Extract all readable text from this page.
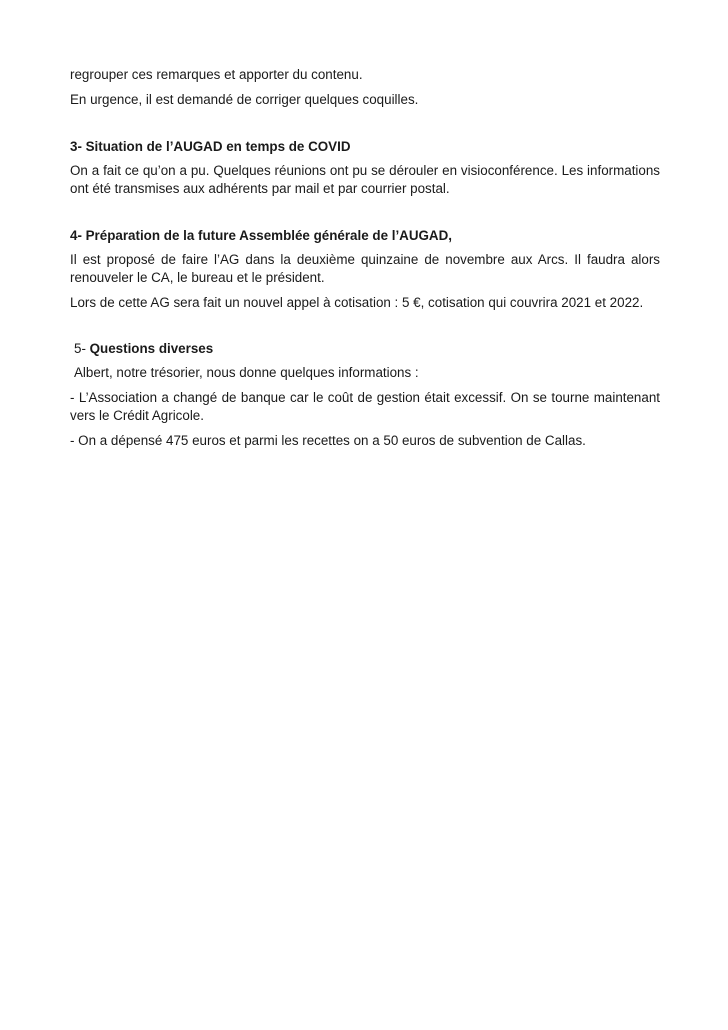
regrouper ces remarques et apporter du contenu.

En urgence, il est demandé de corriger quelques coquilles.

3- Situation de l’AUGAD en temps de COVID

On a fait ce qu’on a pu. Quelques réunions ont pu se dérouler en visioconférence. Les informations ont été transmises aux adhérents par mail et par courrier postal.

4- Préparation de la future Assemblée générale de l’AUGAD,

Il est proposé de faire l’AG dans la deuxième quinzaine de novembre aux Arcs. Il faudra alors renouveler le CA, le bureau et le président.

Lors de cette AG sera fait un nouvel appel à cotisation : 5 €, cotisation qui couvrira 2021 et 2022.

5- Questions diverses

Albert, notre trésorier, nous donne quelques informations :

- L’Association a changé de banque car le coût de gestion était excessif. On se tourne maintenant vers le Crédit Agricole.

- On a dépensé 475 euros et parmi les recettes on a 50 euros de subvention de Callas.
